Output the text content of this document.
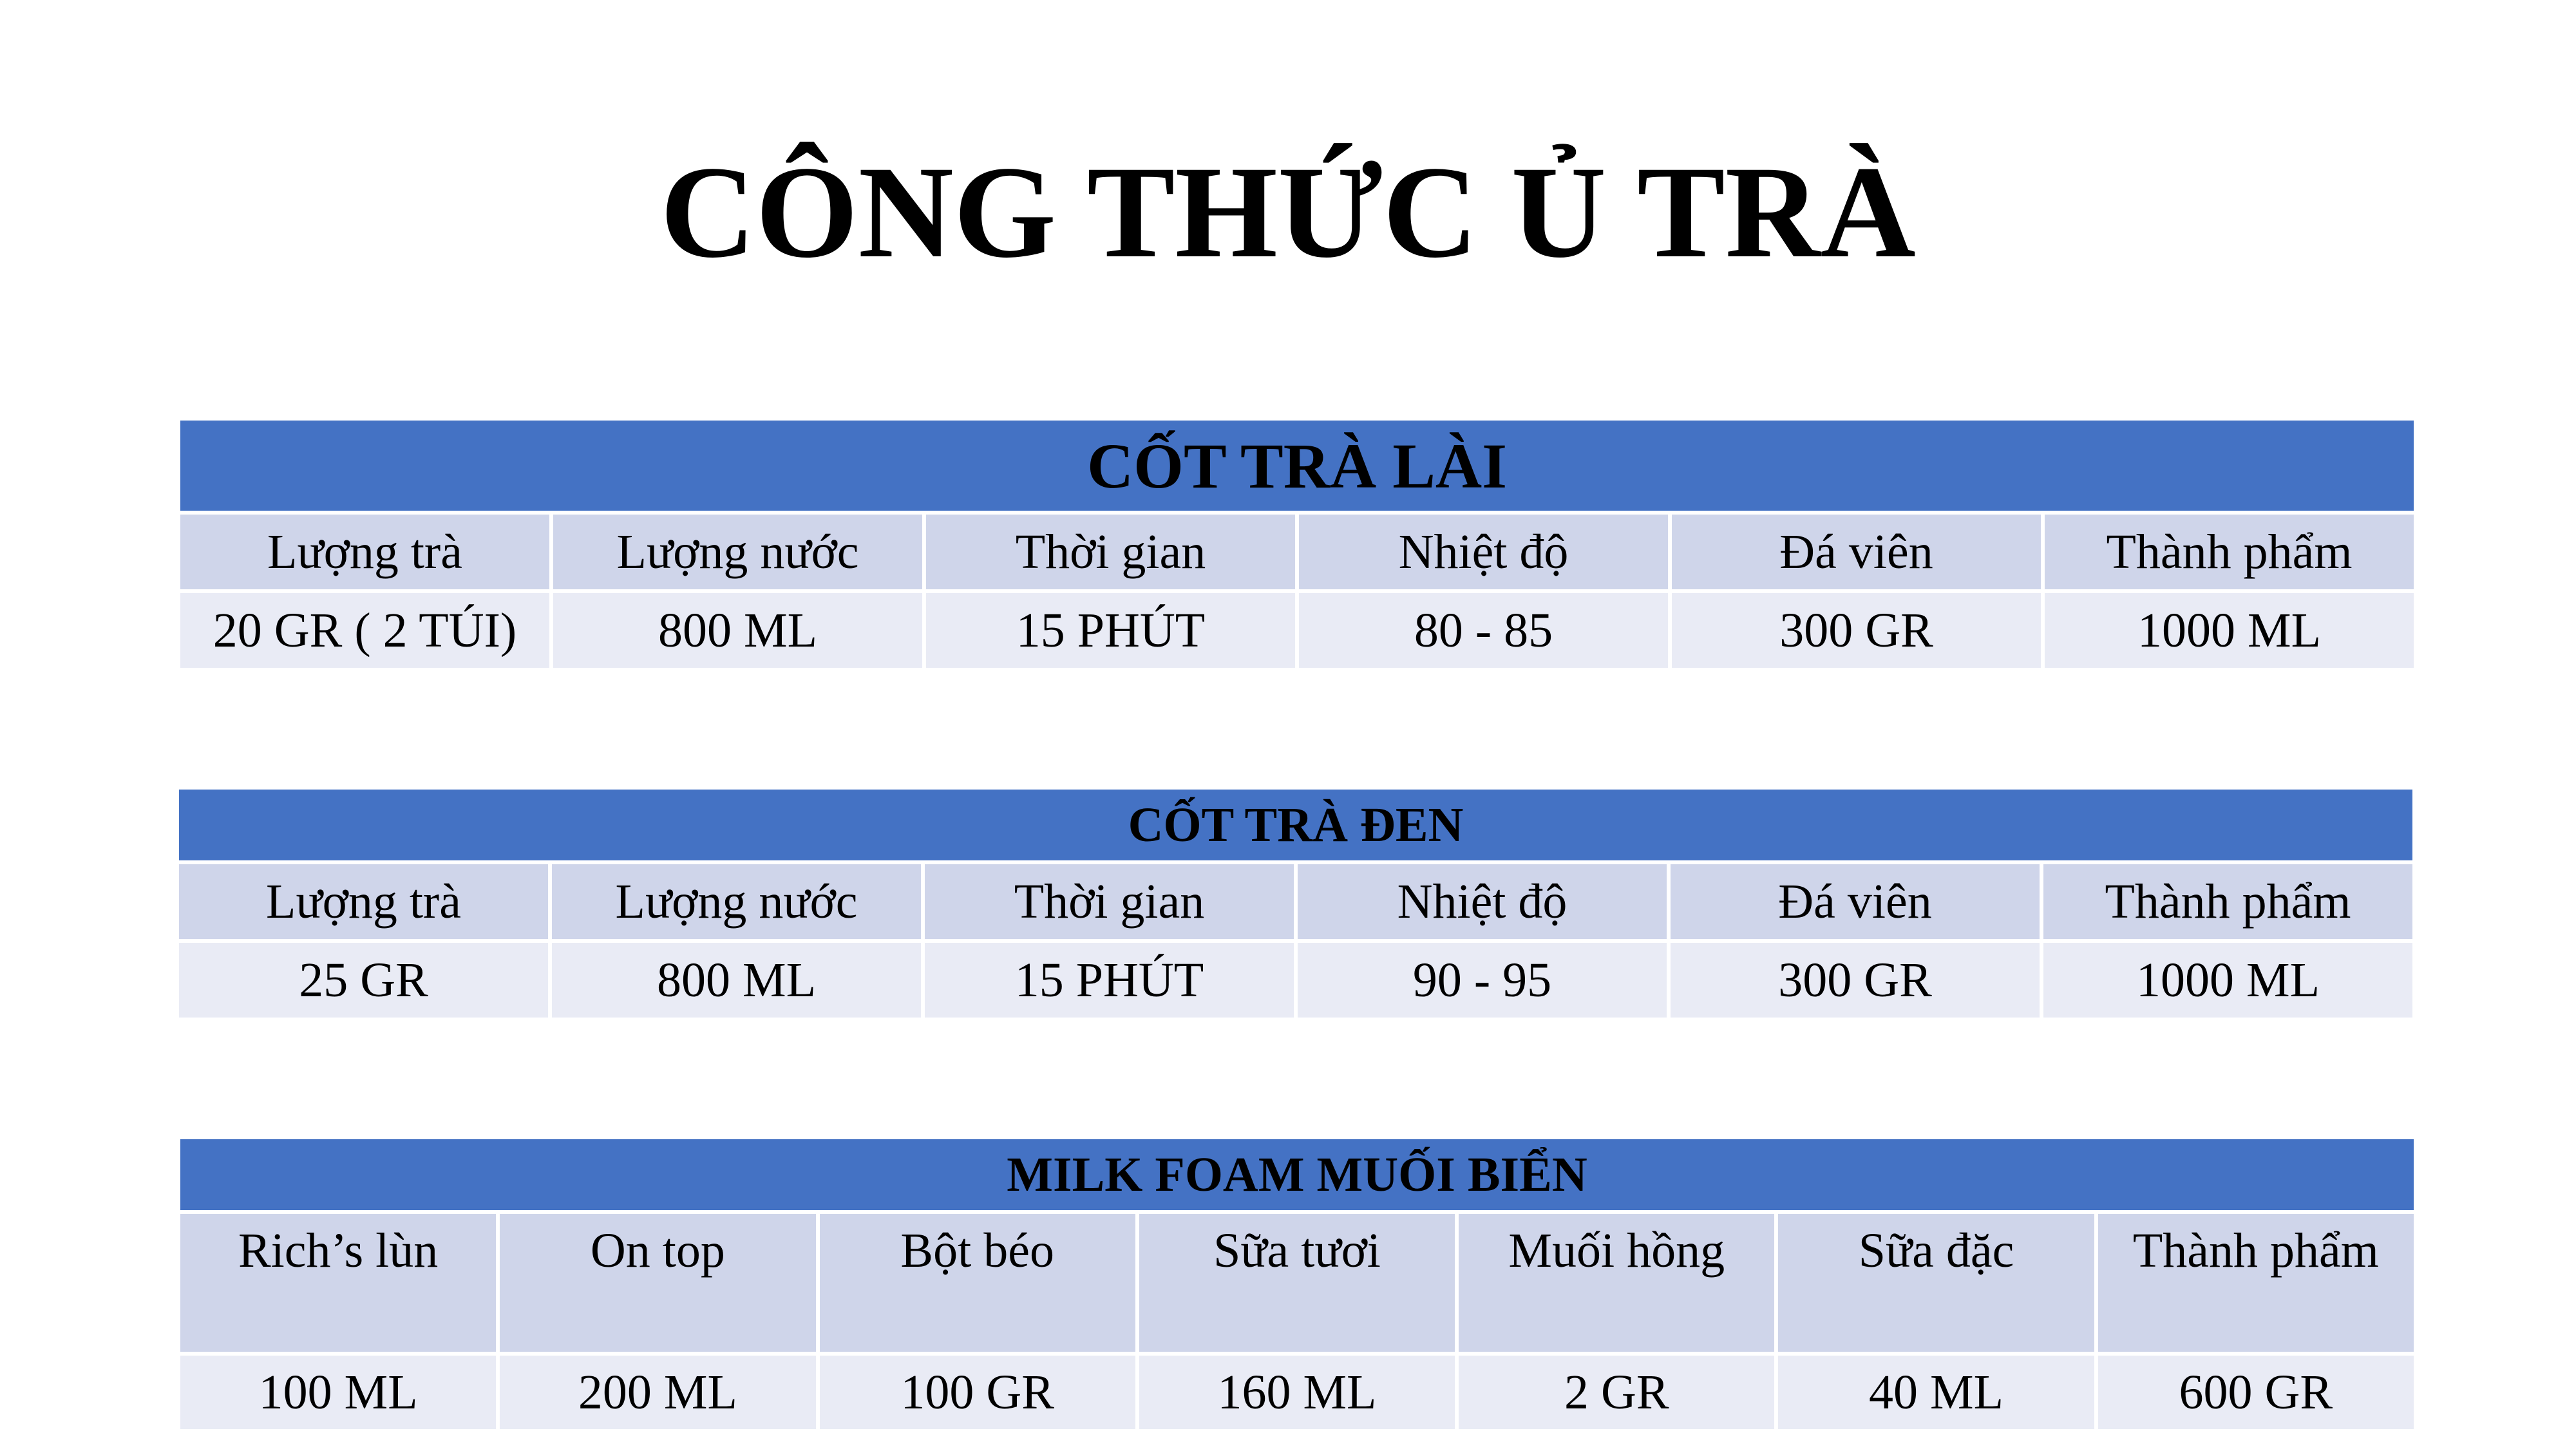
CÔNG THỨC Ủ TRÀ
CỐT TRÀ LÀI					
Lượng trà	Lượng nước	Thời gian	Nhiệt độ	Đá viên	Thành phẩm
20 GR ( 2 TÚI)	800 ML	15 PHÚT	80 - 85	300 GR	1000 ML
CỐT TRÀ ĐEN					
Lượng trà	Lượng nước	Thời gian	Nhiệt độ	Đá viên	Thành phẩm
25 GR	800 ML	15 PHÚT	90 - 95	300 GR	1000 ML
MILK FOAM MUỐI BIỂN						
Rich’s lùn	On top	Bột béo	Sữa tươi	Muối hồng	Sữa đặc	Thành phẩm
100 ML	200 ML	100 GR	160 ML	2 GR	40 ML	600 GR
